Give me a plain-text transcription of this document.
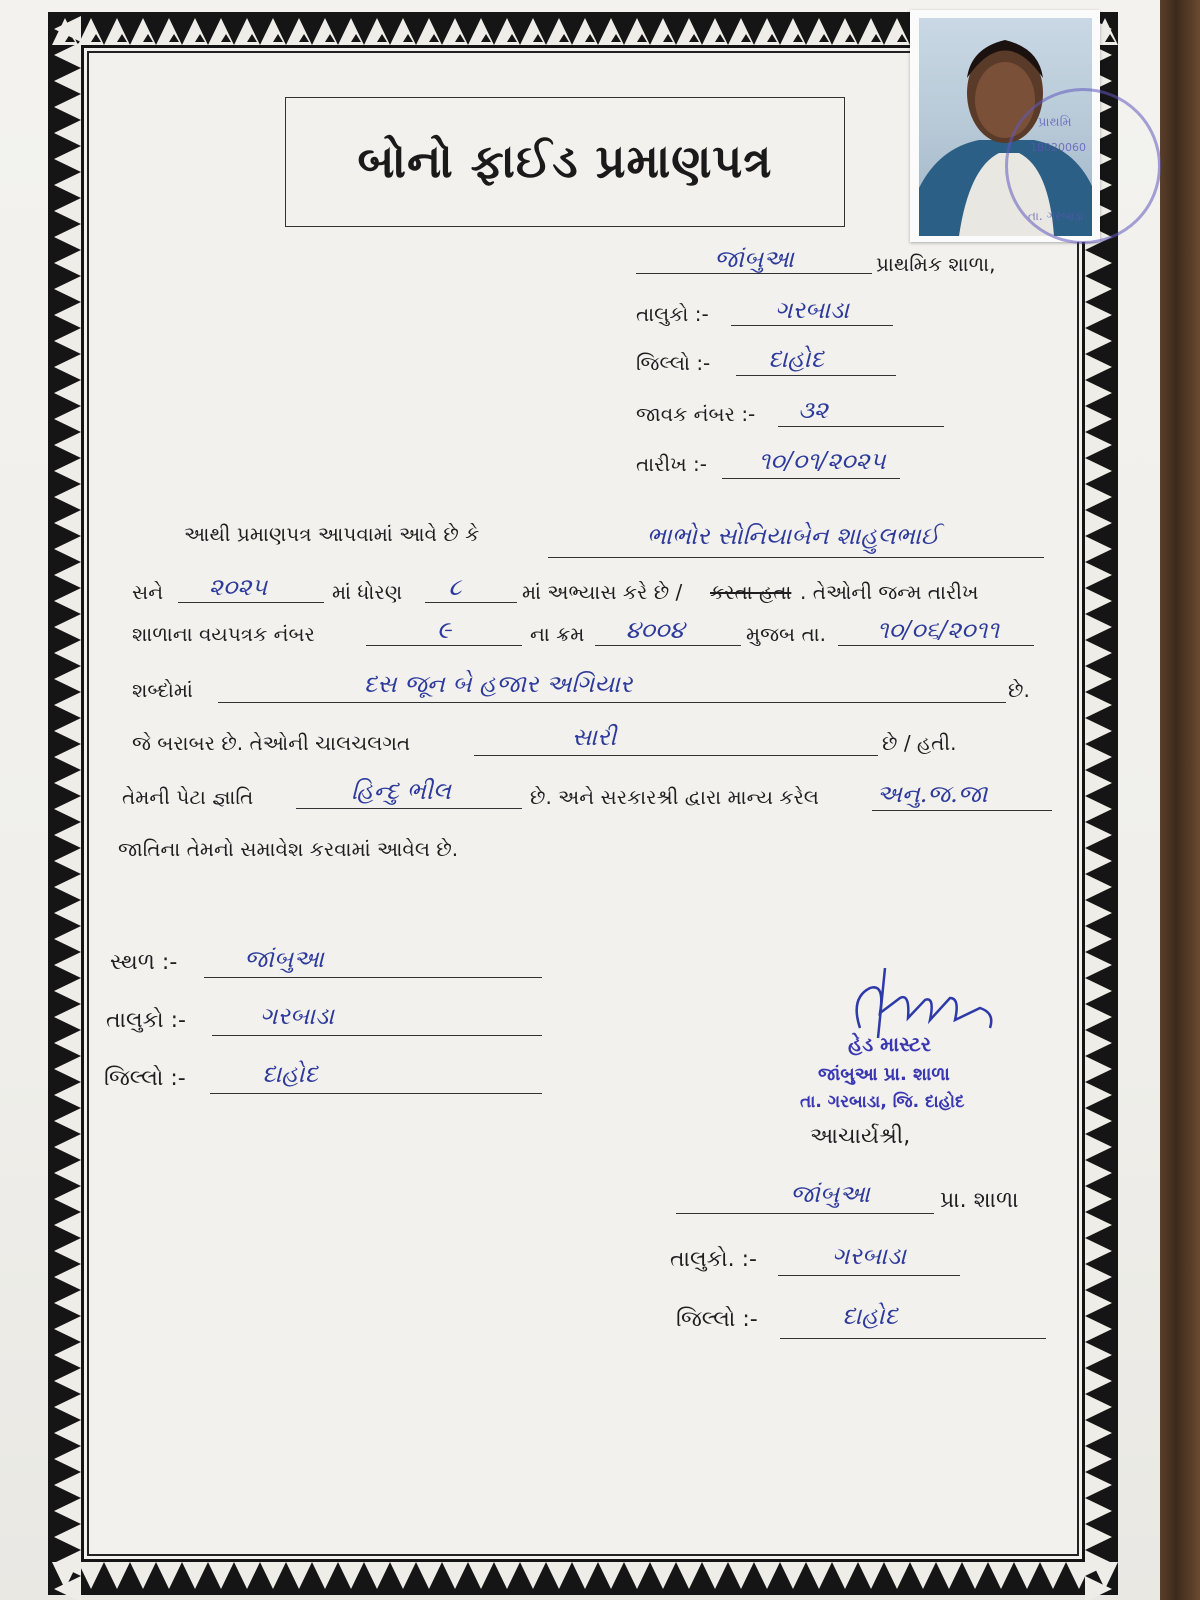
બોનો ફાઈડ પ્રમાણપત્ર
પ્રાથમિ
18020060
તા. ગરબાડા
જાંબુઆ	પ્રાથમિક શાળા,
તાલુકો :-	ગરબાડા
જિલ્લો :-	દાહોદ
જાવક નંબર :-	૩૨
તારીખ :-	૧૦/૦૧/૨૦૨૫
આથી પ્રમાણપત્ર આપવામાં આવે છે કે	ભાભોર સોનિયાબેન શાહુલભાઈ
સને	૨૦૨૫	માં ધોરણ	૮	માં અભ્યાસ કરે છે / કરતા હતા . તેઓની જન્મ તારીખ
શાળાના વયપત્રક નંબર	૯	ના ક્રમ	૪૦૦૪	મુજબ તા.	૧૦/૦૬/૨૦૧૧
શબ્દોમાં	દસ જૂન બે હજાર અગિયાર	છે.
જે બરાબર છે. તેઓની ચાલચલગત	સારી	છે / હતી.
તેમની પેટા જ્ઞાતિ	હિન્દુ ભીલ	છે. અને સરકારશ્રી દ્વારા માન્ય કરેલ અનુ.જ.જા
જાતિના તેમનો સમાવેશ કરવામાં આવેલ છે.
સ્થળ :-	જાંબુઆ
તાલુકો :-	ગરબાડા
જિલ્લો :-	દાહોદ
હેડ માસ્ટર
જાંબુઆ પ્રા. શાળા
તા. ગરબાડા, જિ. દાહોદ
આચાર્યશ્રી,
જાંબુઆ	પ્રા. શાળા
તાલુકો. :-	ગરબાડા
જિલ્લો :-	દાહોદ
